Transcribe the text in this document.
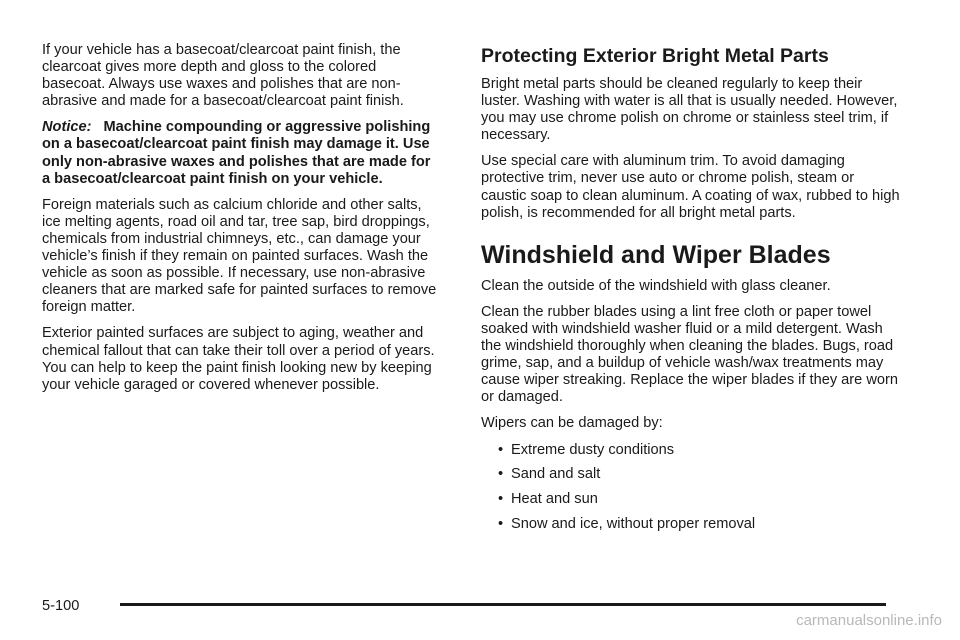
If your vehicle has a basecoat/clearcoat paint finish, the clearcoat gives more depth and gloss to the colored basecoat. Always use waxes and polishes that are non-abrasive and made for a basecoat/clearcoat paint finish.

Notice: Machine compounding or aggressive polishing on a basecoat/clearcoat paint finish may damage it. Use only non-abrasive waxes and polishes that are made for a basecoat/clearcoat paint finish on your vehicle.

Foreign materials such as calcium chloride and other salts, ice melting agents, road oil and tar, tree sap, bird droppings, chemicals from industrial chimneys, etc., can damage your vehicle’s finish if they remain on painted surfaces. Wash the vehicle as soon as possible. If necessary, use non-abrasive cleaners that are marked safe for painted surfaces to remove foreign matter.

Exterior painted surfaces are subject to aging, weather and chemical fallout that can take their toll over a period of years. You can help to keep the paint finish looking new by keeping your vehicle garaged or covered whenever possible.

Protecting Exterior Bright Metal Parts

Bright metal parts should be cleaned regularly to keep their luster. Washing with water is all that is usually needed. However, you may use chrome polish on chrome or stainless steel trim, if necessary.

Use special care with aluminum trim. To avoid damaging protective trim, never use auto or chrome polish, steam or caustic soap to clean aluminum. A coating of wax, rubbed to high polish, is recommended for all bright metal parts.

Windshield and Wiper Blades

Clean the outside of the windshield with glass cleaner.

Clean the rubber blades using a lint free cloth or paper towel soaked with windshield washer fluid or a mild detergent. Wash the windshield thoroughly when cleaning the blades. Bugs, road grime, sap, and a buildup of vehicle wash/wax treatments may cause wiper streaking. Replace the wiper blades if they are worn or damaged.

Wipers can be damaged by:

• Extreme dusty conditions
• Sand and salt
• Heat and sun
• Snow and ice, without proper removal
5-100
carmanualsonline.info
